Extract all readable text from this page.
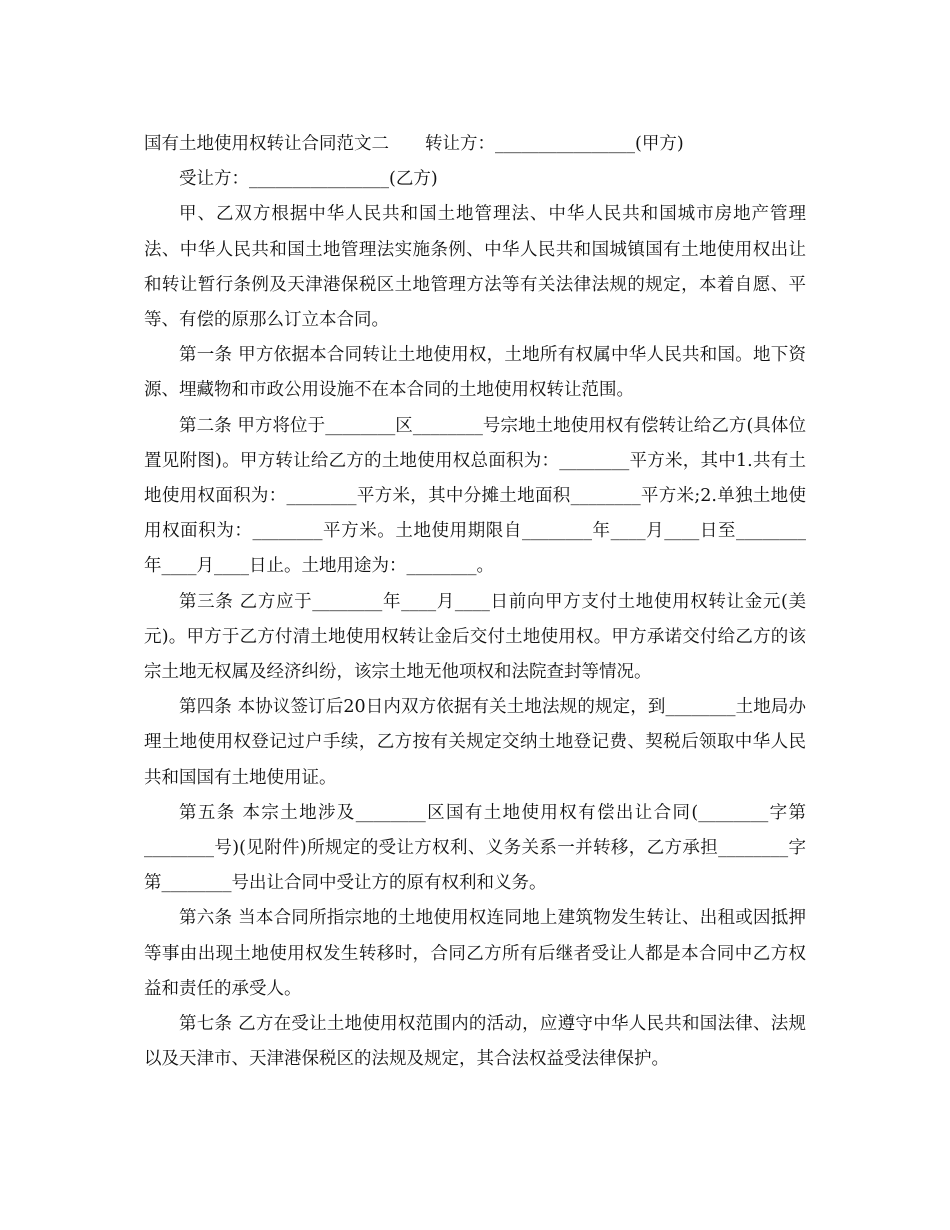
国有土地使用权转让合同范文二 转让方：________________(甲方)

受让方：________________(乙方)

甲、乙双方根据中华人民共和国土地管理法、中华人民共和国城市房地产管理法、中华人民共和国土地管理法实施条例、中华人民共和国城镇国有土地使用权出让和转让暂行条例及天津港保税区土地管理方法等有关法律法规的规定，本着自愿、平等、有偿的原那么订立本合同。

第一条 甲方依据本合同转让土地使用权，土地所有权属中华人民共和国。地下资源、埋藏物和市政公用设施不在本合同的土地使用权转让范围。

第二条 甲方将位于________区________号宗地土地使用权有偿转让给乙方(具体位置见附图)。甲方转让给乙方的土地使用权总面积为：________平方米，其中1.共有土地使用权面积为：________平方米，其中分摊土地面积________平方米;2.单独土地使用权面积为：________平方米。土地使用期限自________年____月____日至________年____月____日止。土地用途为：________。

第三条 乙方应于________年____月____日前向甲方支付土地使用权转让金元(美元)。甲方于乙方付清土地使用权转让金后交付土地使用权。甲方承诺交付给乙方的该宗土地无权属及经济纠纷，该宗土地无他项权和法院查封等情况。

第四条 本协议签订后20日内双方依据有关土地法规的规定，到________土地局办理土地使用权登记过户手续，乙方按有关规定交纳土地登记费、契税后领取中华人民共和国国有土地使用证。

第五条 本宗土地涉及________区国有土地使用权有偿出让合同(________字第________号)(见附件)所规定的受让方权利、义务关系一并转移，乙方承担________字第________号出让合同中受让方的原有权利和义务。

第六条 当本合同所指宗地的土地使用权连同地上建筑物发生转让、出租或因抵押等事由出现土地使用权发生转移时，合同乙方所有后继者受让人都是本合同中乙方权益和责任的承受人。

第七条 乙方在受让土地使用权范围内的活动，应遵守中华人民共和国法律、法规以及天津市、天津港保税区的法规及规定，其合法权益受法律保护。
